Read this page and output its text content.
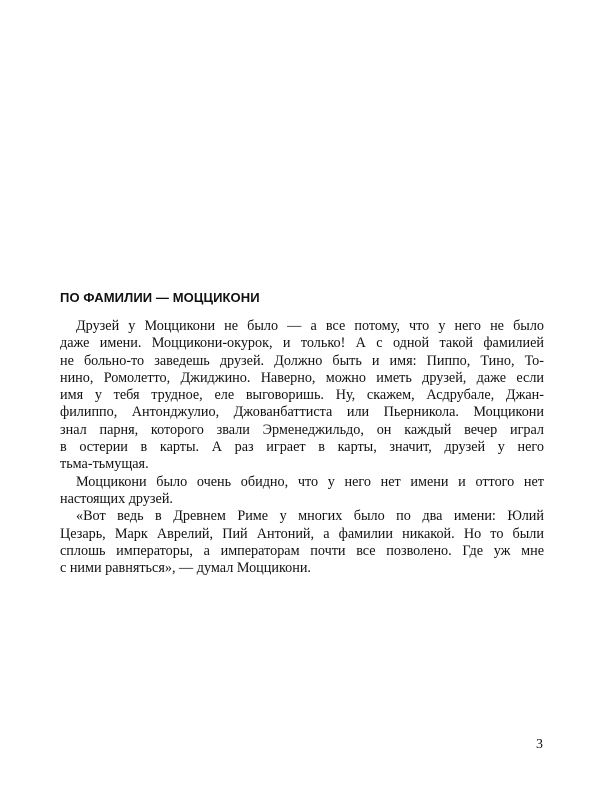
ПО ФАМИЛИИ — МОЦЦИКОНИ

Друзей у Моццикони не было — а все потому, что у него не было
даже имени. Моццикони-окурок, и только! А с одной такой фамилией
не больно-то заведешь друзей. Должно быть и имя: Пиппо, Тино, То-
нино, Ромолетто, Джиджино. Наверно, можно иметь друзей, даже если
имя у тебя трудное, еле выговоришь. Ну, скажем, Асдрубале, Джан-
филиппо, Антонджулио, Джованбаттиста или Пьерникола. Моццикони
знал парня, которого звали Эрменеджильдо, он каждый вечер играл
в остерии в карты. А раз играет в карты, значит, друзей у него
тьма-тьмущая.

Моццикони было очень обидно, что у него нет имени и оттого нет
настоящих друзей.

«Вот ведь в Древнем Риме у многих было по два имени: Юлий
Цезарь, Марк Аврелий, Пий Антоний, а фамилии никакой. Но то были
сплошь императоры, а императорам почти все позволено. Где уж мне
с ними равняться», — думал Моццикони.

3
